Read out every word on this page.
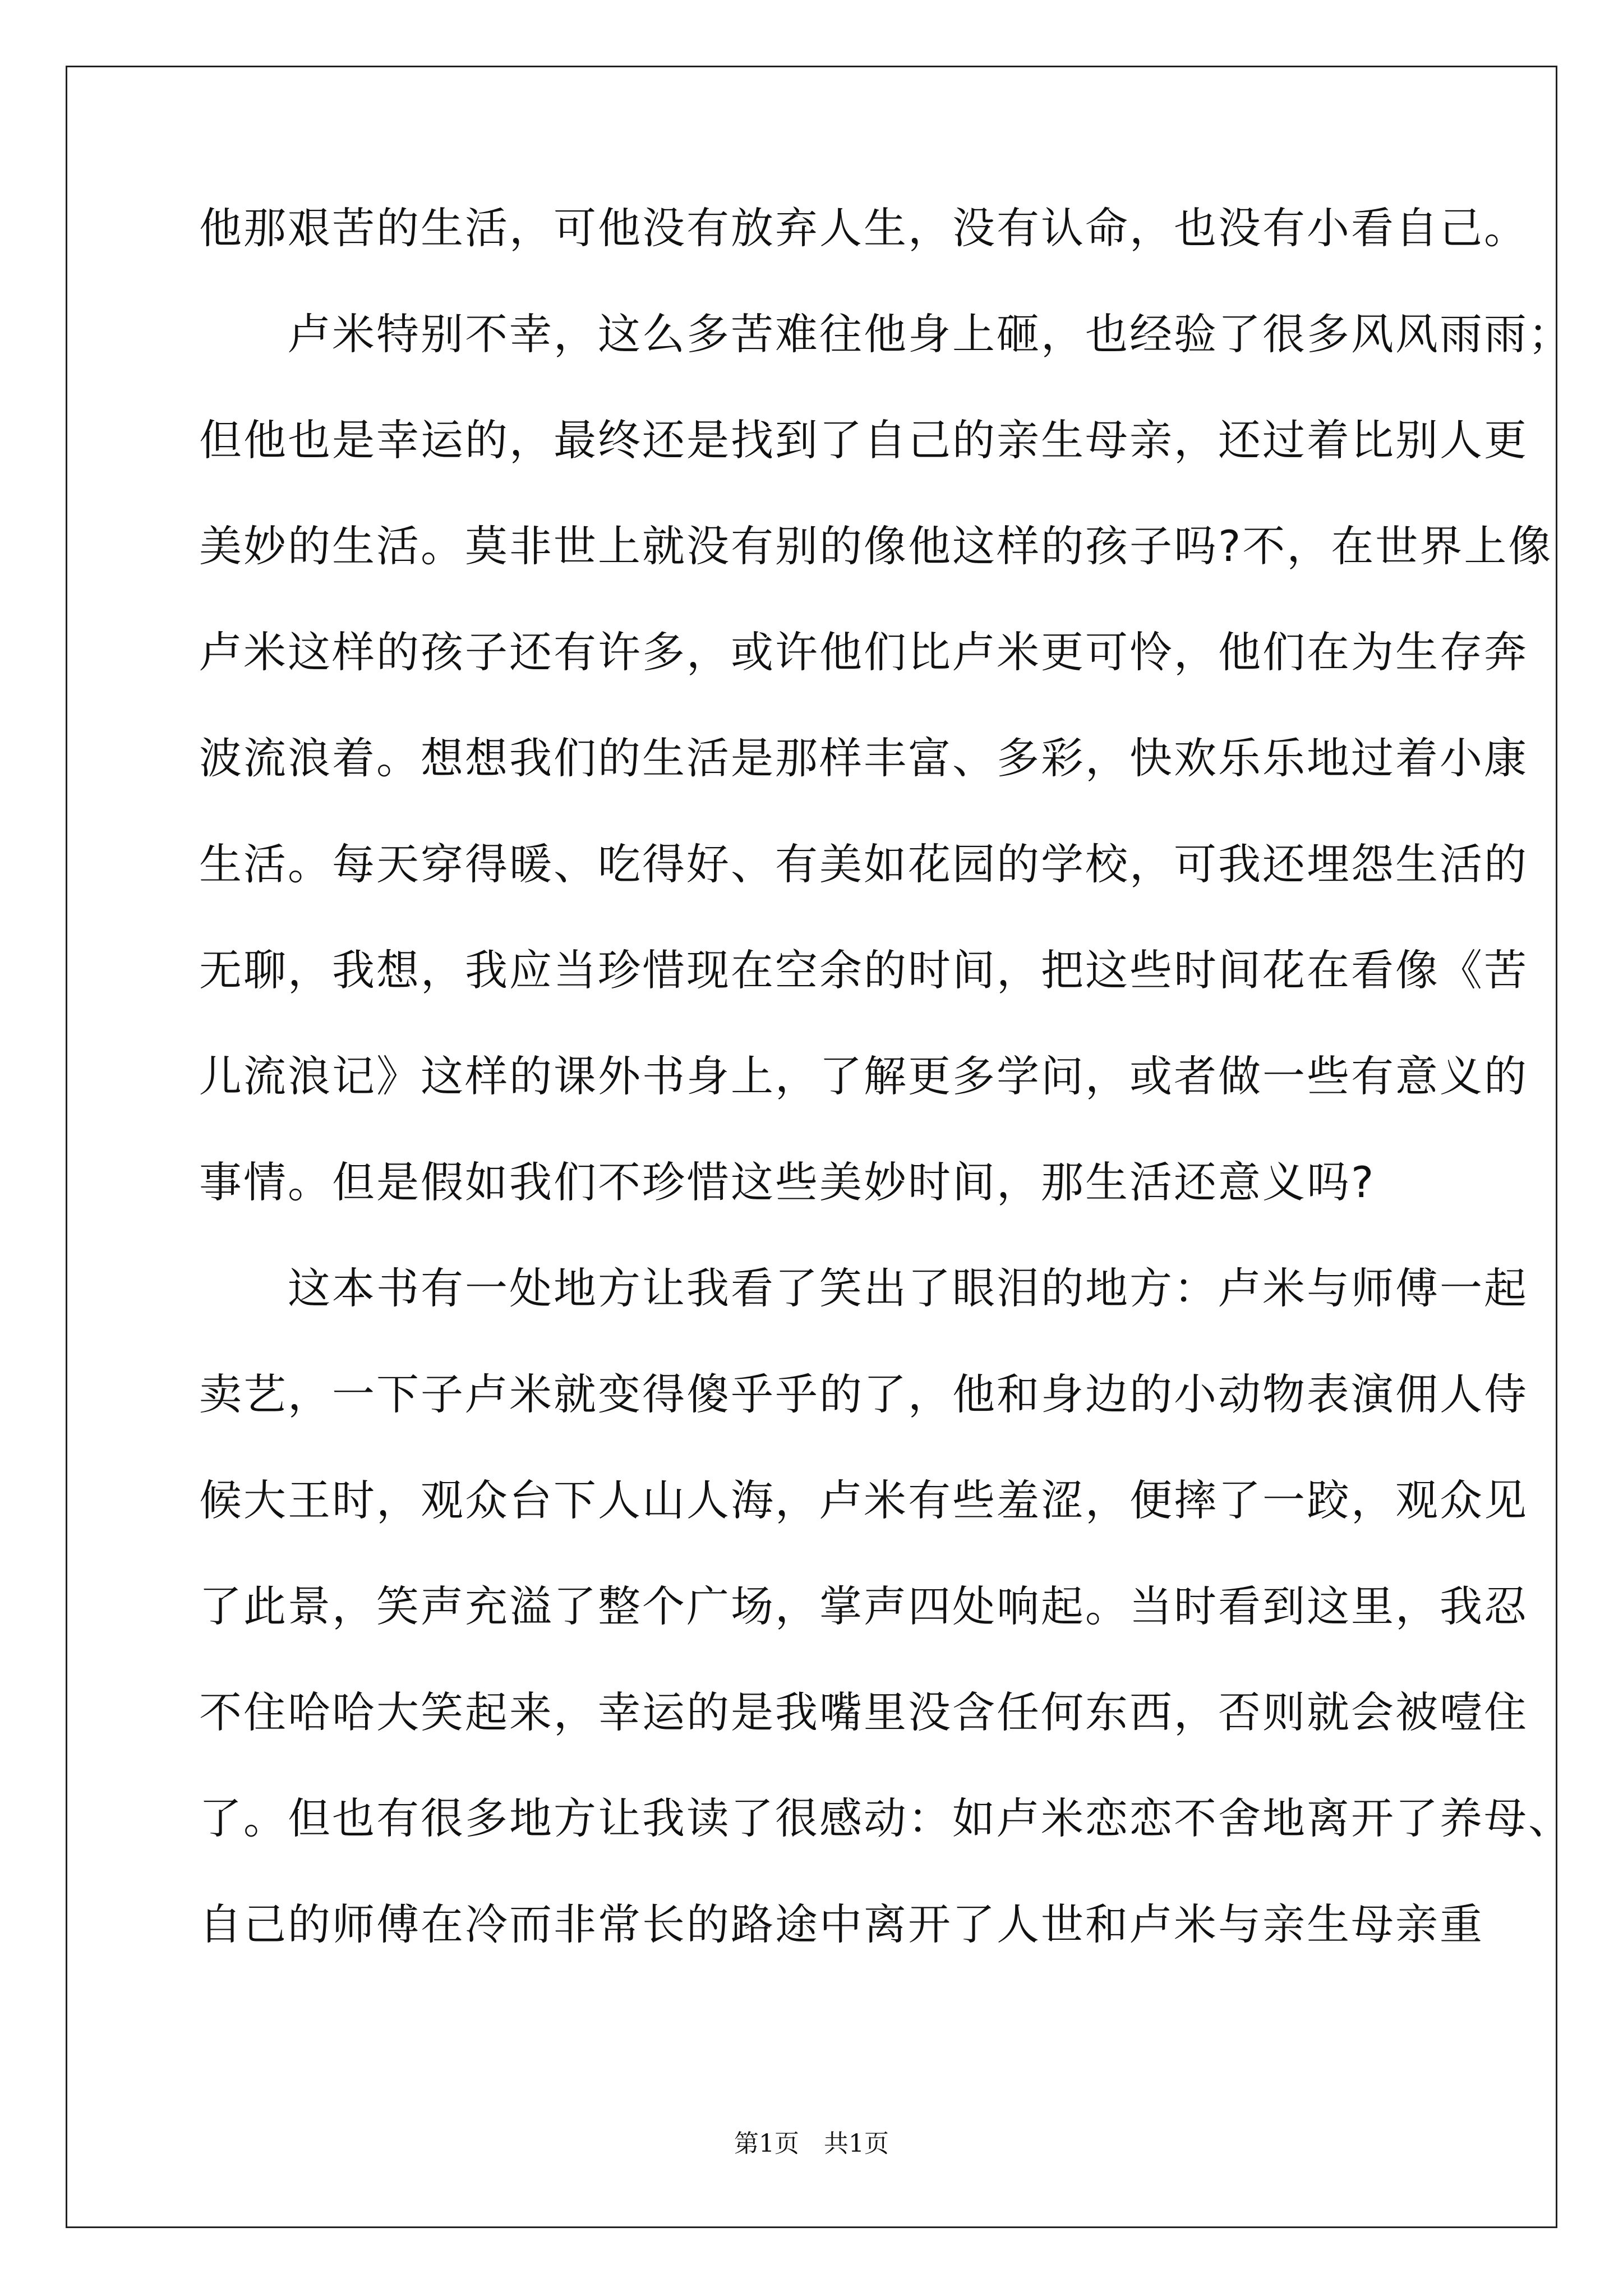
他那艰苦的生活，可他没有放弃人生，没有认命，也没有小看自己。
　　卢米特别不幸，这么多苦难往他身上砸，也经验了很多风风雨雨；
但他也是幸运的，最终还是找到了自己的亲生母亲，还过着比别人更
美妙的生活。莫非世上就没有别的像他这样的孩子吗?不，在世界上像
卢米这样的孩子还有许多，或许他们比卢米更可怜，他们在为生存奔
波流浪着。想想我们的生活是那样丰富、多彩，快欢乐乐地过着小康
生活。每天穿得暖、吃得好、有美如花园的学校，可我还埋怨生活的
无聊，我想，我应当珍惜现在空余的时间，把这些时间花在看像《苦
儿流浪记》这样的课外书身上，了解更多学问，或者做一些有意义的
事情。但是假如我们不珍惜这些美妙时间，那生活还意义吗?
　　这本书有一处地方让我看了笑出了眼泪的地方：卢米与师傅一起
卖艺，一下子卢米就变得傻乎乎的了，他和身边的小动物表演佣人侍
候大王时，观众台下人山人海，卢米有些羞涩，便摔了一跤，观众见
了此景，笑声充溢了整个广场，掌声四处响起。当时看到这里，我忍
不住哈哈大笑起来，幸运的是我嘴里没含任何东西，否则就会被噎住
了。但也有很多地方让我读了很感动：如卢米恋恋不舍地离开了养母、
自己的师傅在冷而非常长的路途中离开了人世和卢米与亲生母亲重
第1页　共1页
